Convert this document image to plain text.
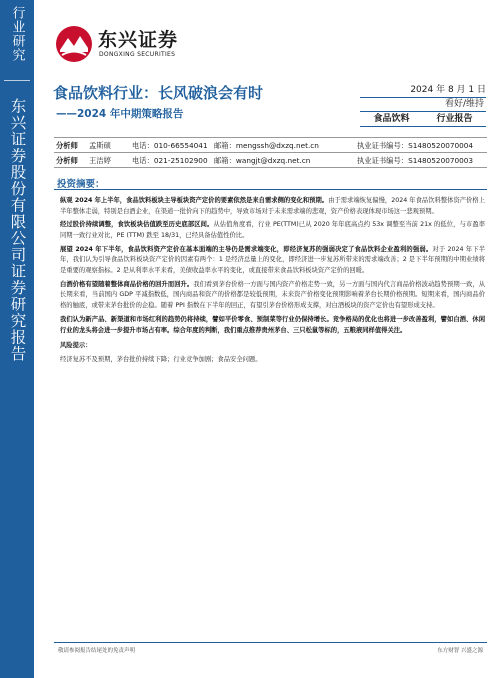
行业研究
东兴证券股份有限公司证券研究报告
东兴证券
DONGXING SECURITIES
食品饮料行业：长风破浪会有时
——2024 年中期策略报告
2024 年 8 月 1 日
看好/维持
食品饮料	行业报告
分析师 孟斯硕	电话：010-66554041 邮箱：mengssh@dxzq.net.cn	执业证书编号：S1480520070004
分析师 王洁婷	电话：021-25102900 邮箱：wangjt@dxzq.net.cn	执业证书编号：S1480520070003
投资摘要：

纵观 2024 年上半年，食品饮料板块主导板块资产定价的要素依然是来自需求侧的变化和预期。由于需求端恢复偏慢，2024 年食品饮料整体资产价格上半年整体走弱，特别是白酒企业，在渠道一批价向下的趋势中，导致市场对于未来需求端的悲观，资产价格表现体现市场这一悲观预期。

经过股价持续调整，食饮板块估值跌至历史底部区间。从估值角度看，行业 PE(TTM)已从 2020 年年底高点约 53x 调整至当前 21x 的低位，与市盈率同期一致行业对比，PE (TTM) 跌至 18/31，已经具备估值性价比。

展望 2024 年下半年，食品饮料资产定价在基本面端的主导仍是需求端变化，即经济复苏的强弱决定了食品饮料企业盈利的强弱。对于 2024 年下半年，我们认为引导食品饮料板块资产定价的因素有两个：1 是经济总量上的变化，即经济进一步复苏所带来的需求端改善；2 是下半年预期的中期业绩将是重要的观察指标。2 是从利率水平来看，美债收益率水平的变化，或直接带来食品饮料板块资产定价的回暖。

白酒价格有望随着整体商品价格的回升而回升。我们看到茅台价格一方面与国内资产价格走势一致，另一方面与国内代言商品价格波动趋势预期一致，从长期来看，当前国内 GDP 平减指数低，国内商品和资产的价格都是较低预期，未来资产价格变化预期影响着茅台长期价格预期。短期来看，国内商品价格的触底，或带来茅台批价的企稳。随着 PPI 指数在下半年的回正，有望引茅台价格形成支撑，对白酒板块的资产定价也有望形成支持。

我们认为新产品、新渠道和市场红利的趋势仍将持续，譬如平价零食、预制菜等行业仍保持增长。竞争格局的优化也将进一步改善盈利，譬如白酒、休闲行业的龙头将会进一步提升市场占有率。综合年度的判断，我们重点推荐贵州茅台、三只松鼠等标的，五粮液同样值得关注。

风险提示：

经济复苏不及预期，茅台批价持续下降；行业竞争加剧；食品安全问题。

敬请参阅报告结尾处的免责声明	东方财智 兴盛之源
